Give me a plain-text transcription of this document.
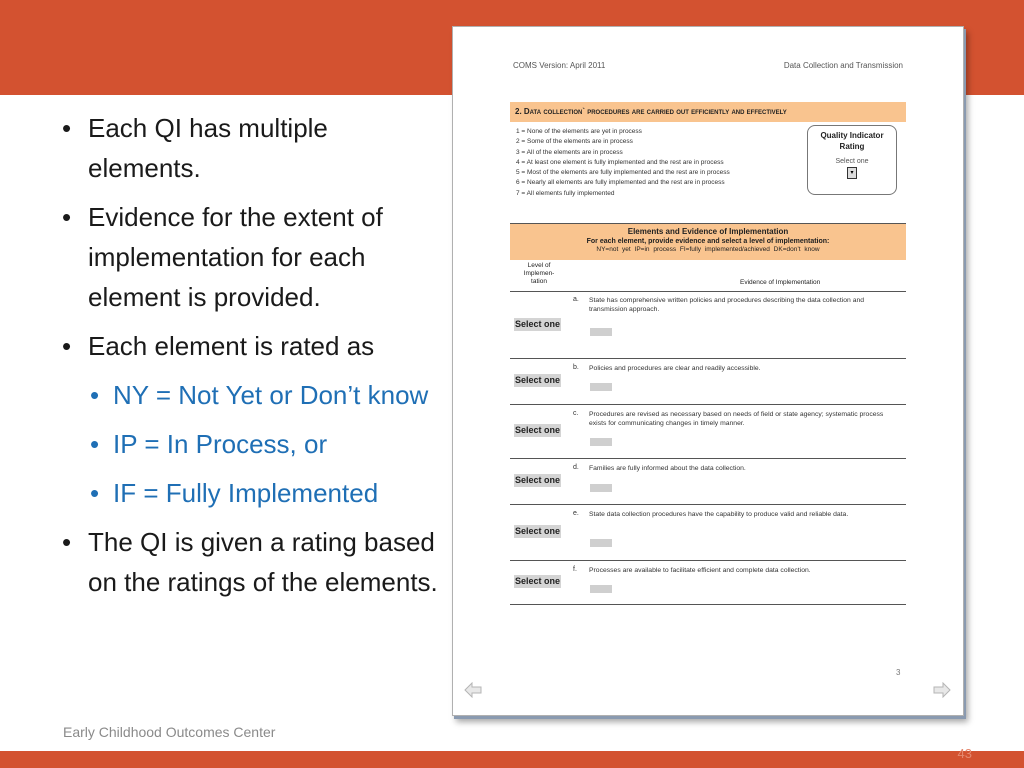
• Each QI has multiple elements.
• Evidence for the extent of implementation for each element is provided.
• Each element is rated as
• NY = Not Yet or Don’t know
• IP = In Process, or
• IF = Fully Implemented
• The QI is given a rating based on the ratings of the elements.
COMS Version: April 2011	Data Collection and Transmission
2. Data collection` procedures are carried out efficiently and effectively
1 = None of the elements are yet in process
2 = Some of the elements are in process
3 = All of the elements are in process
4 = At least one element is fully implemented and the rest are in process
5 = Most of the elements are fully implemented and the rest are in process
6 = Nearly all elements are fully implemented and the rest are in process
7 = All elements fully implemented
Quality Indicator
Rating
Select one
▾
Elements and Evidence of Implementation
For each element, provide evidence and select a level of implementation:
NY=not yet IP=in process FI=fully implemented/achieved DK=don’t know
Level of Implemen-tation	Evidence of Implementation
Select one
a. State has comprehensive written policies and procedures describing the data collection and transmission approach.
Select one
b. Policies and procedures are clear and readily accessible.
Select one
c. Procedures are revised as necessary based on needs of field or state agency; systematic process exists for communicating changes in timely manner.
Select one
d. Families are fully informed about the data collection.
Select one
e. State data collection procedures have the capability to produce valid and reliable data.
Select one
f. Processes are available to facilitate efficient and complete data collection.
3
Early Childhood Outcomes Center
43
